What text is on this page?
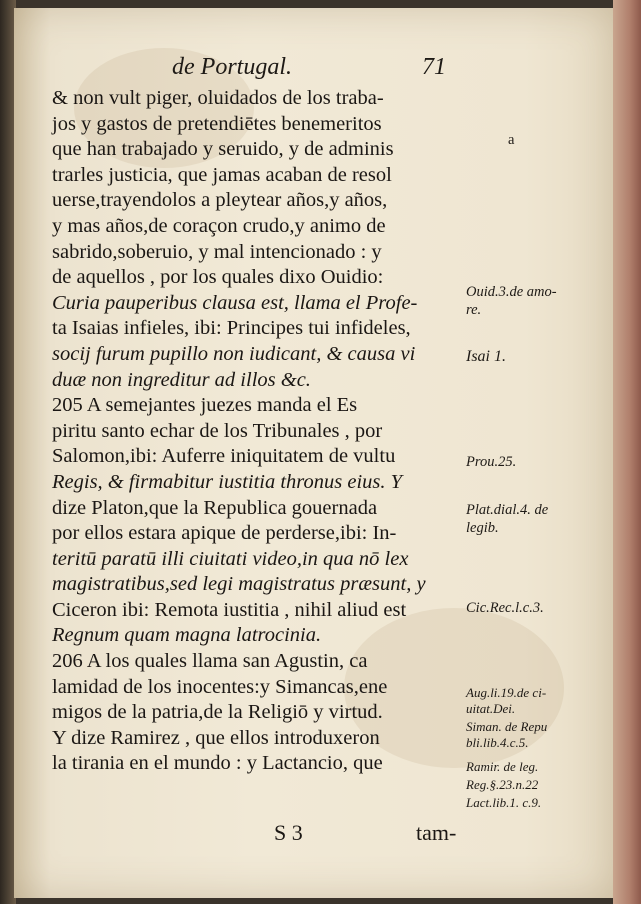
de Portugal.	71
& non vult piger, oluidados de los traba-
jos y gastos de pretendiētes benemeritos
que han trabajado y seruido, y de adminis
trarles justicia, que jamas acaban de resol
uerse,trayendolos a pleytear años,y años,
y mas años,de coraçon crudo,y animo de
sabrido,soberuio, y mal intencionado : y
de aquellos , por los quales dixo Ouidio:
Curia pauperibus clausa est, llama el Profe-
ta Isaias infieles, ibi: Principes tui infideles,
socij furum pupillo non iudicant, & causa vi
duæ non ingreditur ad illos &c.
205 A semejantes juezes manda el Es
piritu santo echar de los Tribunales , por
Salomon,ibi: Auferre iniquitatem de vultu
Regis, & firmabitur iustitia thronus eius. Y
dize Platon,que la Republica gouernada
por ellos estara apique de perderse,ibi: In-
teritū paratū illi ciuitati video,in qua nō lex
magistratibus,sed legi magistratus præsunt, y
Ciceron ibi: Remota iustitia , nihil aliud est
Regnum quam magna latrocinia.
206 A los quales llama san Agustin, ca
lamidad de los inocentes:y Simancas,ene
migos de la patria,de la Religiō y virtud.
Y dize Ramirez , que ellos introduxeron
la tirania en el mundo : y Lactancio, que
a
Ouid.3.de amo-
re.
Isai 1.
Prou.25.
Plat.dial.4. de
legib.
Cic.Rec.l.c.3.
Aug.li.19.de ci-
uitat.Dei.
Siman. de Repu
bli.lib.4.c.5.
Ramir. de leg.
Reg.§.23.n.22
Lact.lib.1. c.9.
S 3	tam-
